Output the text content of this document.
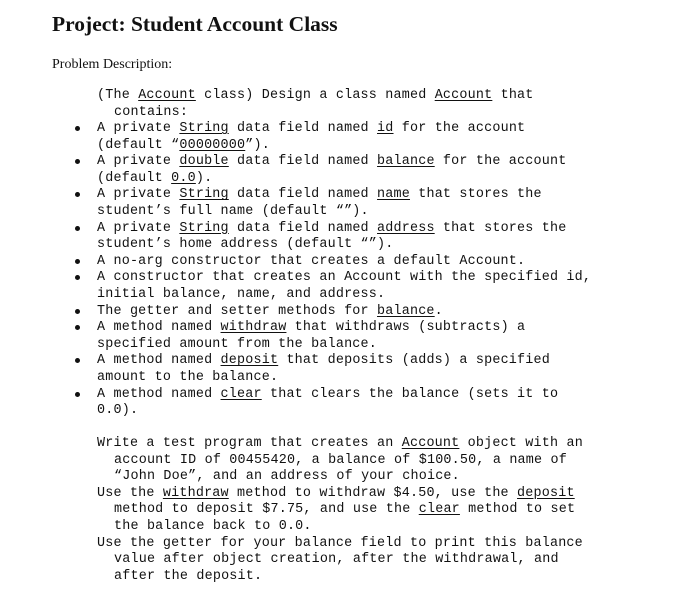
Project: Student Account Class
Problem Description:
(The Account class) Design a class named Account that
contains:
A private String data field named id for the account
(default “00000000”).
A private double data field named balance for the account
(default 0.0).
A private String data field named name that stores the
student’s full name (default “”).
A private String data field named address that stores the
student’s home address (default “”).
A no-arg constructor that creates a default Account.
A constructor that creates an Account with the specified id,
initial balance, name, and address.
The getter and setter methods for balance.
A method named withdraw that withdraws (subtracts) a
specified amount from the balance.
A method named deposit that deposits (adds) a specified
amount to the balance.
A method named clear that clears the balance (sets it to
0.0).
Write a test program that creates an Account object with an
account ID of 00455420, a balance of $100.50, a name of
“John Doe”, and an address of your choice.
Use the withdraw method to withdraw $4.50, use the deposit
method to deposit $7.75, and use the clear method to set
the balance back to 0.0.
Use the getter for your balance field to print this balance
value after object creation, after the withdrawal, and
after the deposit.
